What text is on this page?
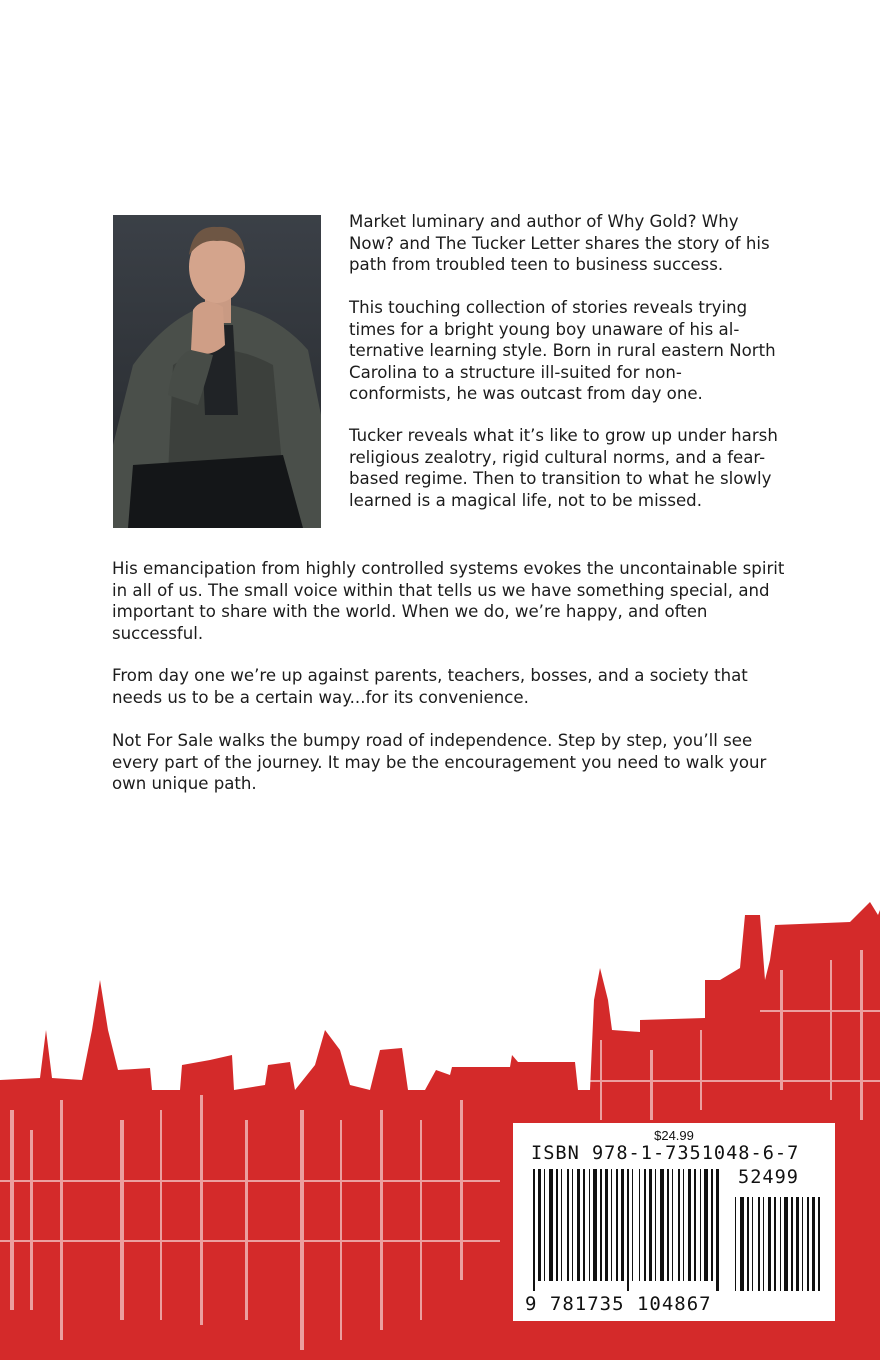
Market luminary and author of Why Gold? Why Now? and The Tucker Letter shares the story of his path from troubled teen to business success.

This touching collection of stories reveals trying times for a bright young boy unaware of his al-ternative learning style. Born in rural eastern North Carolina to a structure ill-suited for non-conformists, he was outcast from day one.

Tucker reveals what it’s like to grow up under harsh religious zealotry, rigid cultural norms, and a fear-based regime. Then to transition to what he slowly learned is a magical life, not to be missed.

His emancipation from highly controlled systems evokes the uncontainable spirit in all of us. The small voice within that tells us we have something special, and important to share with the world. When we do, we’re happy, and often successful.

From day one we’re up against parents, teachers, bosses, and a society that needs us to be a certain way...for its convenience.

Not For Sale walks the bumpy road of independence. Step by step, you’ll see every part of the journey. It may be the encouragement you need to walk your own unique path.

$24.99
ISBN 978-1-7351048-6-7
52499
9 781735 104867
